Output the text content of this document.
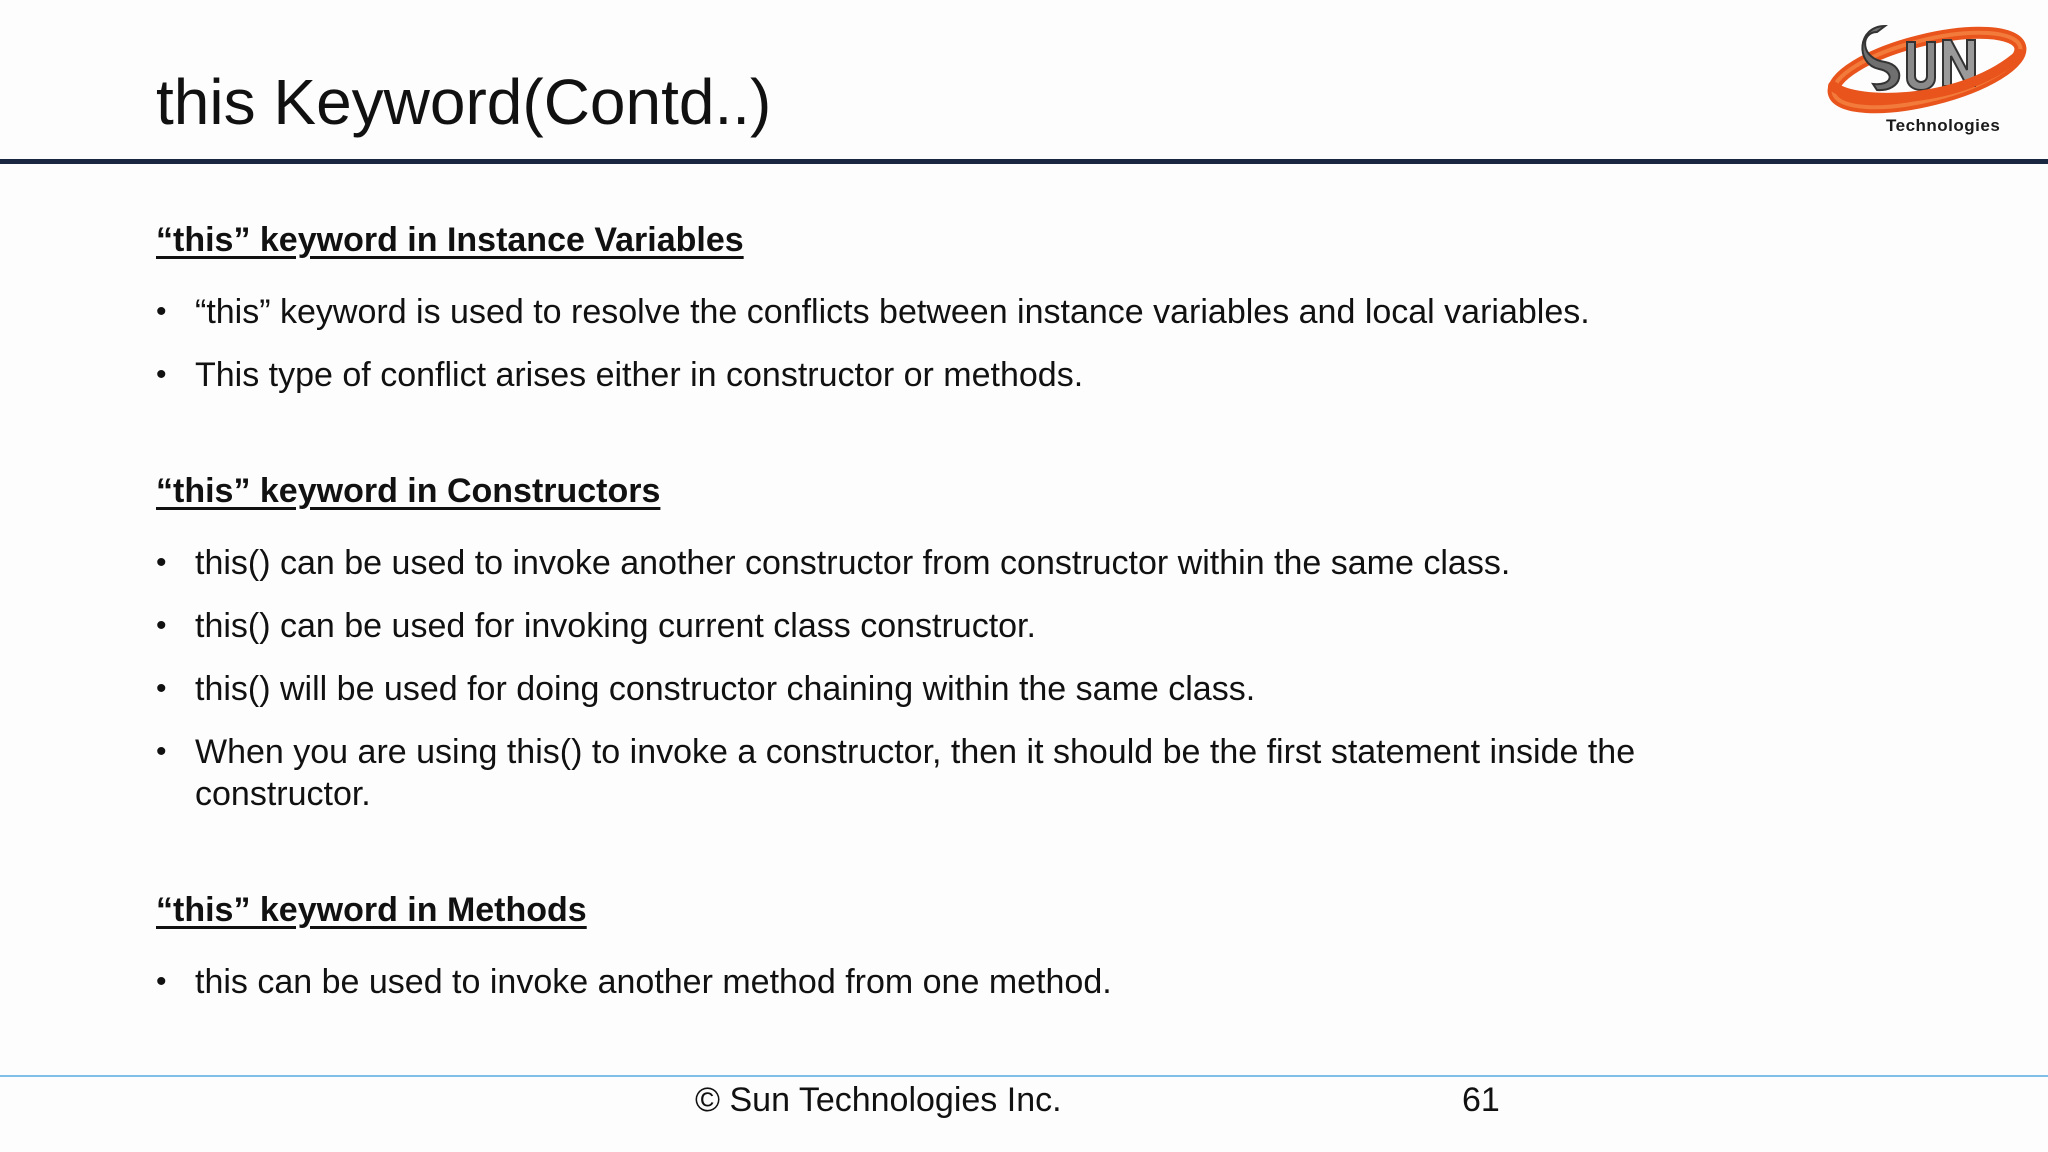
this Keyword(Contd..)	Technologies

“this” keyword in Instance Variables

• “this” keyword is used to resolve the conflicts between instance variables and local variables.
• This type of conflict arises either in constructor or methods.

“this” keyword in Constructors

• this() can be used to invoke another constructor from constructor within the same class.
• this() can be used for invoking current class constructor.
• this() will be used for doing constructor chaining within the same class.
• When you are using this() to invoke a constructor, then it should be the first statement inside the constructor.

“this” keyword in Methods

• this can be used to invoke another method from one method.
© Sun Technologies Inc.	61
